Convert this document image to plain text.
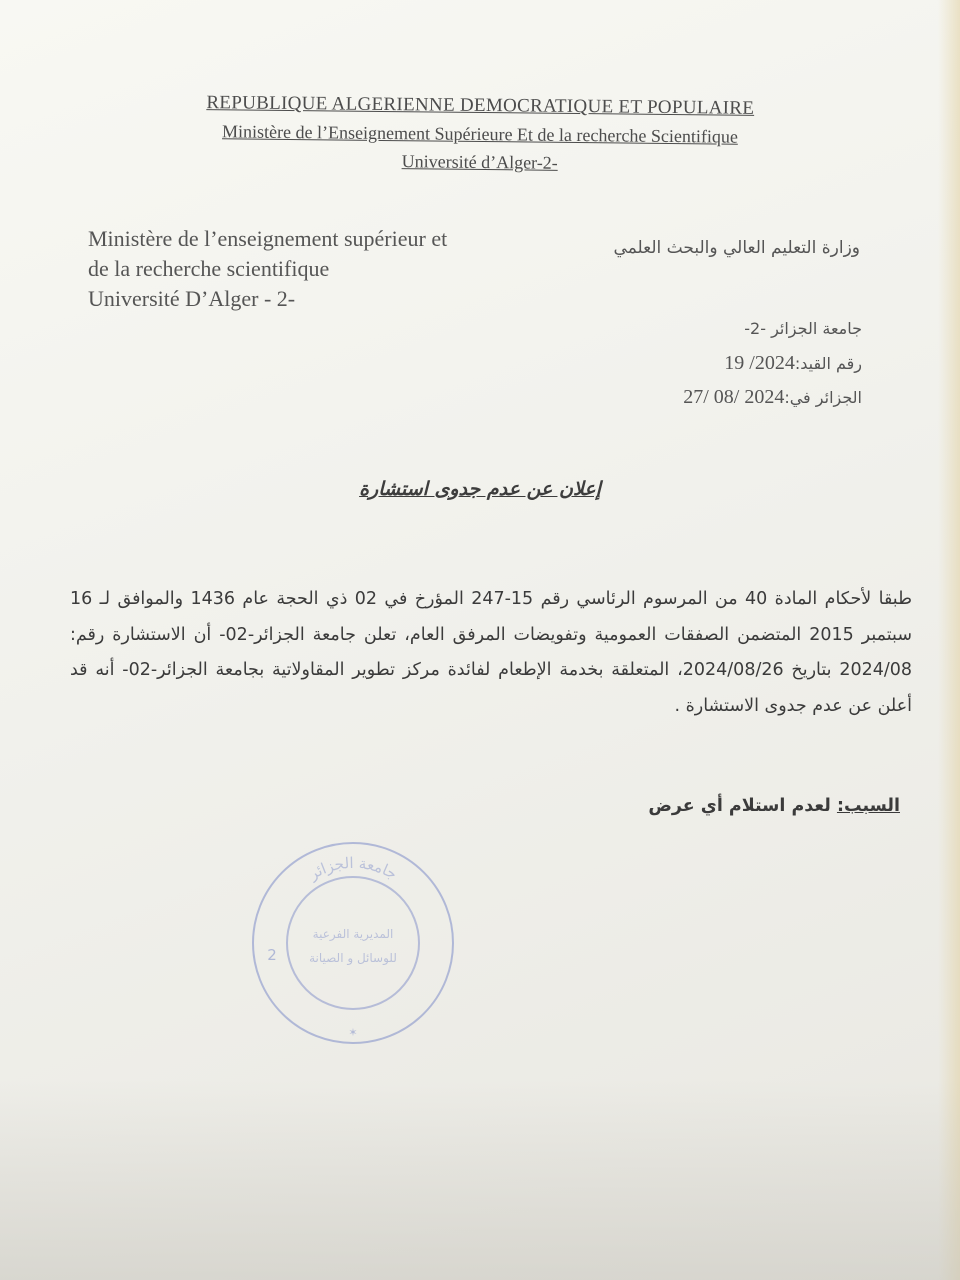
REPUBLIQUE ALGERIENNE DEMOCRATIQUE ET POPULAIRE
Ministère de l’Enseignement Supérieure Et de la recherche Scientifique
Université d’Alger-2-
Ministère de l’enseignement supérieur et
de la recherche scientifique
Université D’Alger - 2-
وزارة التعليم العالي والبحث العلمي
جامعة الجزائر -2-
رقم القيد:19 /2024
الجزائر في:27/ 08/ 2024
إعلان عن عدم جدوى استشارة
طبقا لأحكام المادة 40 من المرسوم الرئاسي رقم 15-247 المؤرخ في 02 ذي الحجة عام 1436 والموافق لـ 16 سبتمبر 2015 المتضمن الصفقات العمومية وتفويضات المرفق العام، تعلن جامعة الجزائر-02- أن الاستشارة رقم: 2024/08 بتاريخ 2024/08/26، المتعلقة بخدمة الإطعام لفائدة مركز تطوير المقاولاتية بجامعة الجزائر-02- أنه قد أعلن عن عدم جدوى الاستشارة .
السبب: لعدم استلام أي عرض
جامعة الجزائر
المديرية الفرعية
للوسائل و الصيانة
2
✶
